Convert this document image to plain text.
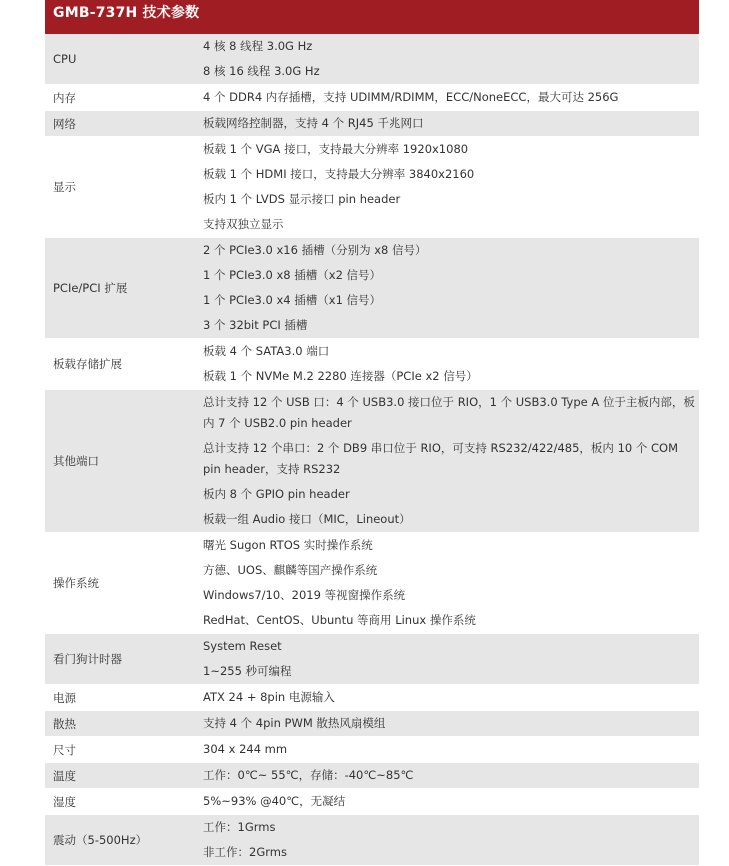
GMB-737H 技术参数
CPU	4 核 8 线程 3.0G Hz
8 核 16 线程 3.0G Hz

内存	4 个 DDR4 内存插槽，支持 UDIMM/RDIMM，ECC/NoneECC，最大可达 256G

网络	板载网络控制器，支持 4 个 RJ45 千兆网口

显示	板载 1 个 VGA 接口，支持最大分辨率 1920x1080
板载 1 个 HDMI 接口，支持最大分辨率 3840x2160
板内 1 个 LVDS 显示接口 pin header
支持双独立显示

PCIe/PCI 扩展	2 个 PCIe3.0 x16 插槽（分别为 x8 信号）
1 个 PCIe3.0 x8 插槽（x2 信号）
1 个 PCIe3.0 x4 插槽（x1 信号）
3 个 32bit PCI 插槽

板载存储扩展	板载 4 个 SATA3.0 端口
板载 1 个 NVMe M.2 2280 连接器（PCIe x2 信号）

其他端口	总计支持 12 个 USB 口：4 个 USB3.0 接口位于 RIO，1 个 USB3.0 Type A 位于主板内部，板内 7 个 USB2.0 pin header
总计支持 12 个串口：2 个 DB9 串口位于 RIO，可支持 RS232/422/485，板内 10 个 COM pin header，支持 RS232
板内 8 个 GPIO pin header
板载一组 Audio 接口（MIC，Lineout）

操作系统	曙光 Sugon RTOS 实时操作系统
方德、UOS、麒麟等国产操作系统
Windows7/10、2019 等视窗操作系统
RedHat、CentOS、Ubuntu 等商用 Linux 操作系统

看门狗计时器	System Reset
1~255 秒可编程

电源	ATX 24 + 8pin 电源输入

散热	支持 4 个 4pin PWM 散热风扇模组

尺寸	304 x 244 mm

温度	工作：0℃~ 55℃，存储：-40℃~85℃

湿度	5%~93% @40℃，无凝结

震动（5-500Hz）	工作：1Grms
非工作：2Grms
